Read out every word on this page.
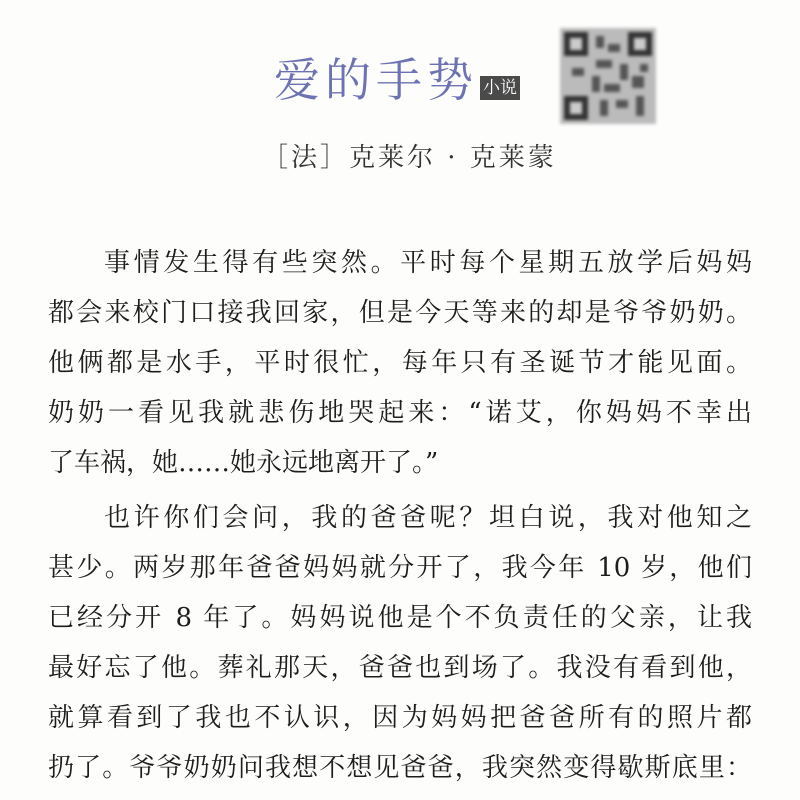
爱的手势 小说
［法］克莱尔 · 克莱蒙
事情发生得有些突然。平时每个星期五放学后妈妈
都会来校门口接我回家，但是今天等来的却是爷爷奶奶。
他俩都是水手，平时很忙，每年只有圣诞节才能见面。
奶奶一看见我就悲伤地哭起来：“诺艾，你妈妈不幸出
了车祸，她……她永远地离开了。”
也许你们会问，我的爸爸呢？坦白说，我对他知之
甚少。两岁那年爸爸妈妈就分开了，我今年 10 岁，他们
已经分开 8 年了。妈妈说他是个不负责任的父亲，让我
最好忘了他。葬礼那天，爸爸也到场了。我没有看到他，
就算看到了我也不认识，因为妈妈把爸爸所有的照片都
扔了。爷爷奶奶问我想不想见爸爸，我突然变得歇斯底里：
